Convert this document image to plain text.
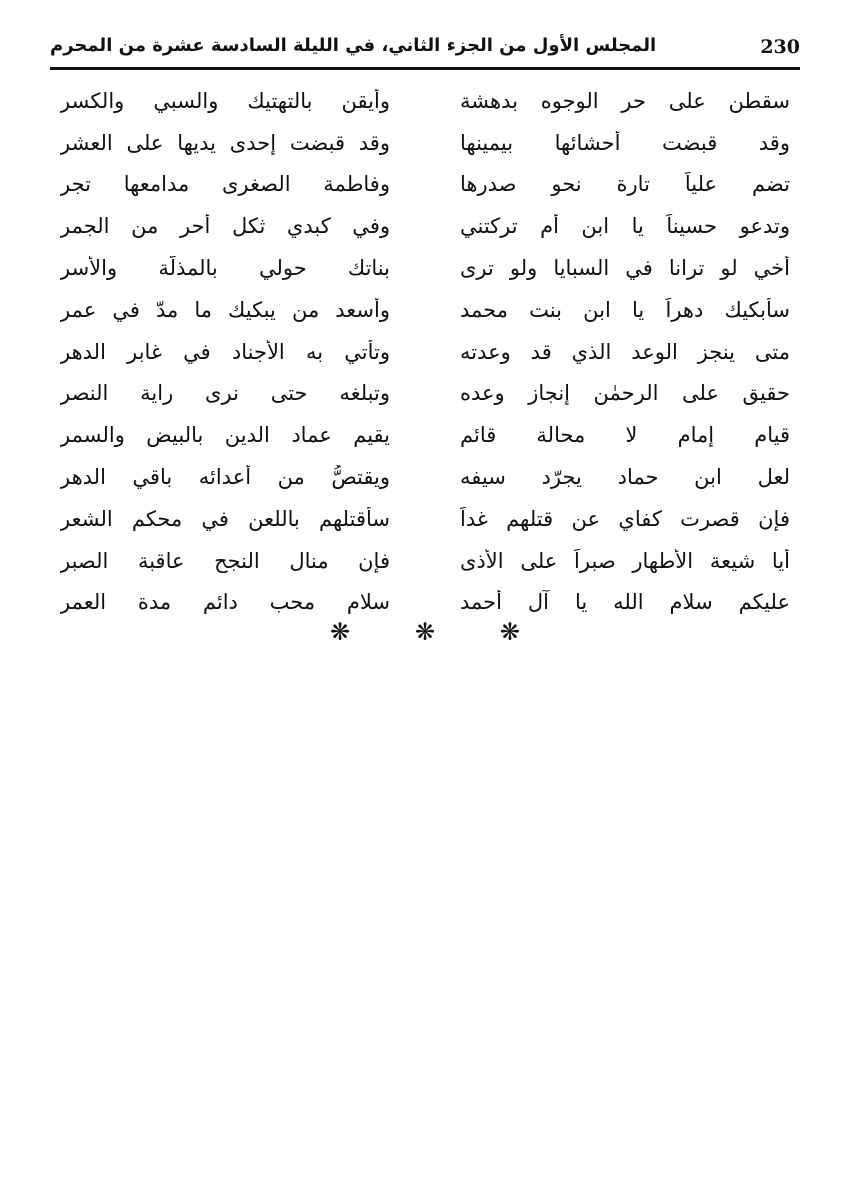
230
المجلس الأول من الجزء الثاني، في الليلة السادسة عشرة من المحرم
سقطن على حر الوجوه بدهشة
وأيقن بالتهتيك والسبي والكسر
وقد قبضت أحشائها بيمينها
وقد قبضت إحدى يديها على العشر
تضم علياً تارة نحو صدرها
وفاطمة الصغرى مدامعها تجر
وتدعو حسيناً يا ابن أم تركتني
وفي كبدي ثكل أحر من الجمر
أخي لو ترانا في السبايا ولو ترى
بناتك حولي بالمذلّة والأسر
سأبكيك دهراً يا ابن بنت محمد
وأسعد من يبكيك ما مدّ في عمر
متى ينجز الوعد الذي قد وعدته
وتأتي به الأجناد في غابر الدهر
حقيق على الرحمٰن إنجاز وعده
وتبلغه حتى نرى راية النصر
قيام إمام لا محالة قائم
يقيم عماد الدين بالبيض والسمر
لعل ابن حماد يجرّد سيفه
ويقتصُّ من أعدائه باقي الدهر
فإن قصرت كفاي عن قتلهم غداً
سأقتلهم باللعن في محكم الشعر
أيا شيعة الأطهار صبراً على الأذى
فإن منال النجح عاقبة الصبر
عليكم سلام الله يا آل أحمد
سلام محب دائم مدة العمر
❋	❋	❋
